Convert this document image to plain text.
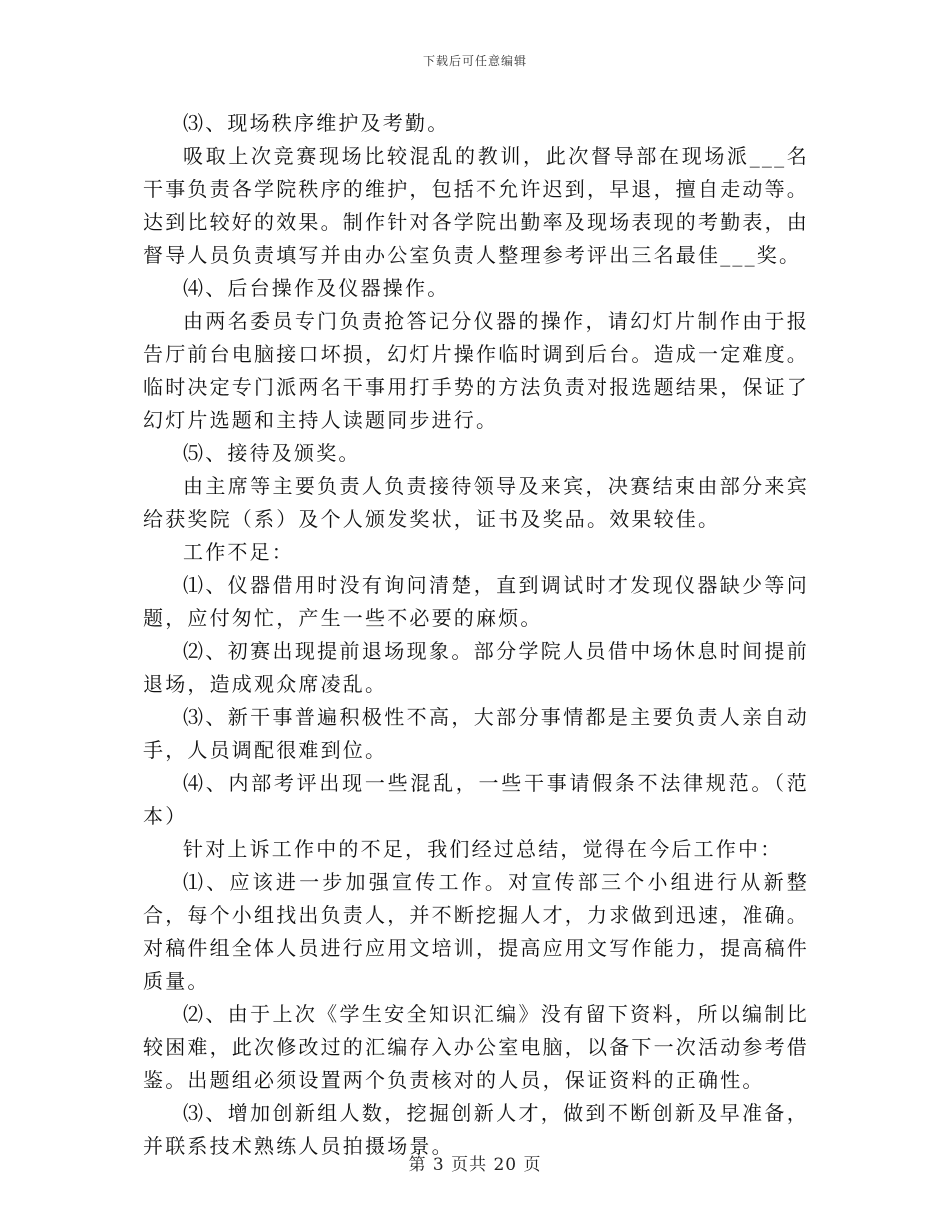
下载后可任意编辑

⑶、现场秩序维护及考勤。

吸取上次竞赛现场比较混乱的教训，此次督导部在现场派___名干事负责各学院秩序的维护，包括不允许迟到，早退，擅自走动等。达到比较好的效果。制作针对各学院出勤率及现场表现的考勤表，由督导人员负责填写并由办公室负责人整理参考评出三名最佳___奖。

⑷、后台操作及仪器操作。

由两名委员专门负责抢答记分仪器的操作，请幻灯片制作由于报告厅前台电脑接口坏损，幻灯片操作临时调到后台。造成一定难度。临时决定专门派两名干事用打手势的方法负责对报选题结果，保证了幻灯片选题和主持人读题同步进行。

⑸、接待及颁奖。

由主席等主要负责人负责接待领导及来宾，决赛结束由部分来宾给获奖院（系）及个人颁发奖状，证书及奖品。效果较佳。

工作不足：

⑴、仪器借用时没有询问清楚，直到调试时才发现仪器缺少等问题，应付匆忙，产生一些不必要的麻烦。

⑵、初赛出现提前退场现象。部分学院人员借中场休息时间提前退场，造成观众席凌乱。

⑶、新干事普遍积极性不高，大部分事情都是主要负责人亲自动手，人员调配很难到位。

⑷、内部考评出现一些混乱，一些干事请假条不法律规范。（范本）

针对上诉工作中的不足，我们经过总结，觉得在今后工作中：

⑴、应该进一步加强宣传工作。对宣传部三个小组进行从新整合，每个小组找出负责人，并不断挖掘人才，力求做到迅速，准确。对稿件组全体人员进行应用文培训，提高应用文写作能力，提高稿件质量。

⑵、由于上次《学生安全知识汇编》没有留下资料，所以编制比较困难，此次修改过的汇编存入办公室电脑，以备下一次活动参考借鉴。出题组必须设置两个负责核对的人员，保证资料的正确性。

⑶、增加创新组人数，挖掘创新人才，做到不断创新及早准备，并联系技术熟练人员拍摄场景。

第 3 页共 20 页
